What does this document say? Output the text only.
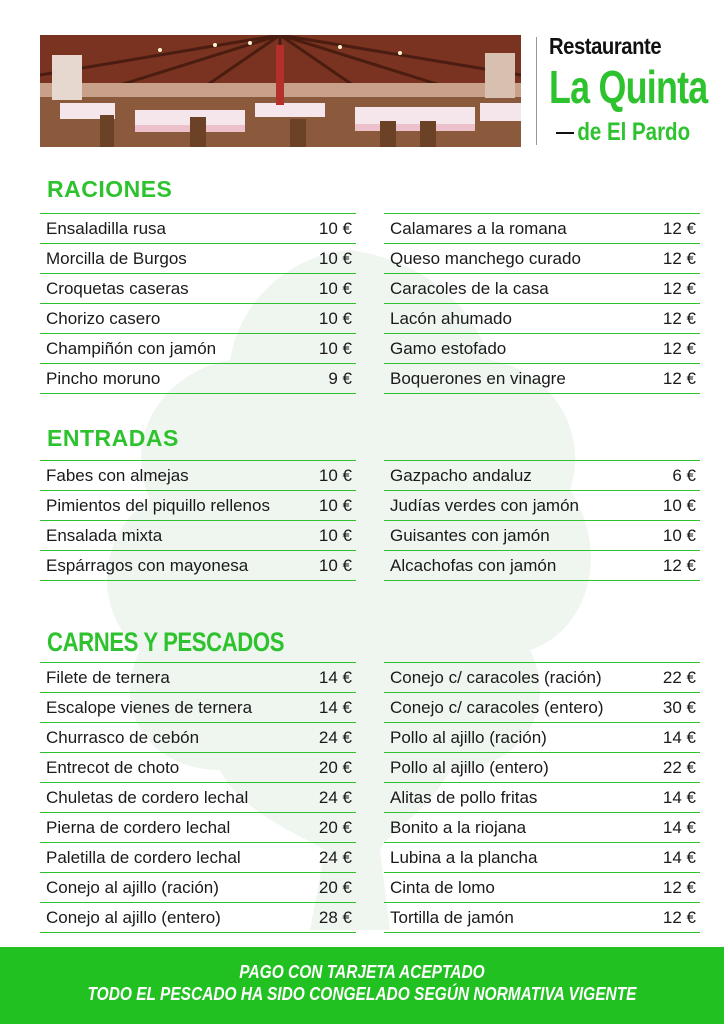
Restaurante
La Quinta
de El Pardo
RACIONES
Ensaladilla rusa	10 €
Morcilla de Burgos	10 €
Croquetas caseras	10 €
Chorizo casero	10 €
Champiñón con jamón	10 €
Pincho moruno	9 €
Calamares a la romana	12 €
Queso manchego curado	12 €
Caracoles de la casa	12 €
Lacón ahumado	12 €
Gamo estofado	12 €
Boquerones en vinagre	12 €
ENTRADAS
Fabes con almejas	10 €
Pimientos del piquillo rellenos	10 €
Ensalada mixta	10 €
Espárragos con mayonesa	10 €
Gazpacho andaluz	6 €
Judías verdes con jamón	10 €
Guisantes con jamón	10 €
Alcachofas con jamón	12 €
CARNES Y PESCADOS
Filete de ternera	14 €
Escalope vienes de ternera	14 €
Churrasco de cebón	24 €
Entrecot de choto	20 €
Chuletas de cordero lechal	24 €
Pierna de cordero lechal	20 €
Paletilla de cordero lechal	24 €
Conejo al ajillo (ración)	20 €
Conejo al ajillo (entero)	28 €
Conejo c/ caracoles (ración)	22 €
Conejo c/ caracoles (entero)	30 €
Pollo al ajillo (ración)	14 €
Pollo al ajillo (entero)	22 €
Alitas de pollo fritas	14 €
Bonito a la riojana	14 €
Lubina a la plancha	14 €
Cinta de lomo	12 €
Tortilla de jamón	12 €
PAGO CON TARJETA ACEPTADO
TODO EL PESCADO HA SIDO CONGELADO SEGÚN NORMATIVA VIGENTE
